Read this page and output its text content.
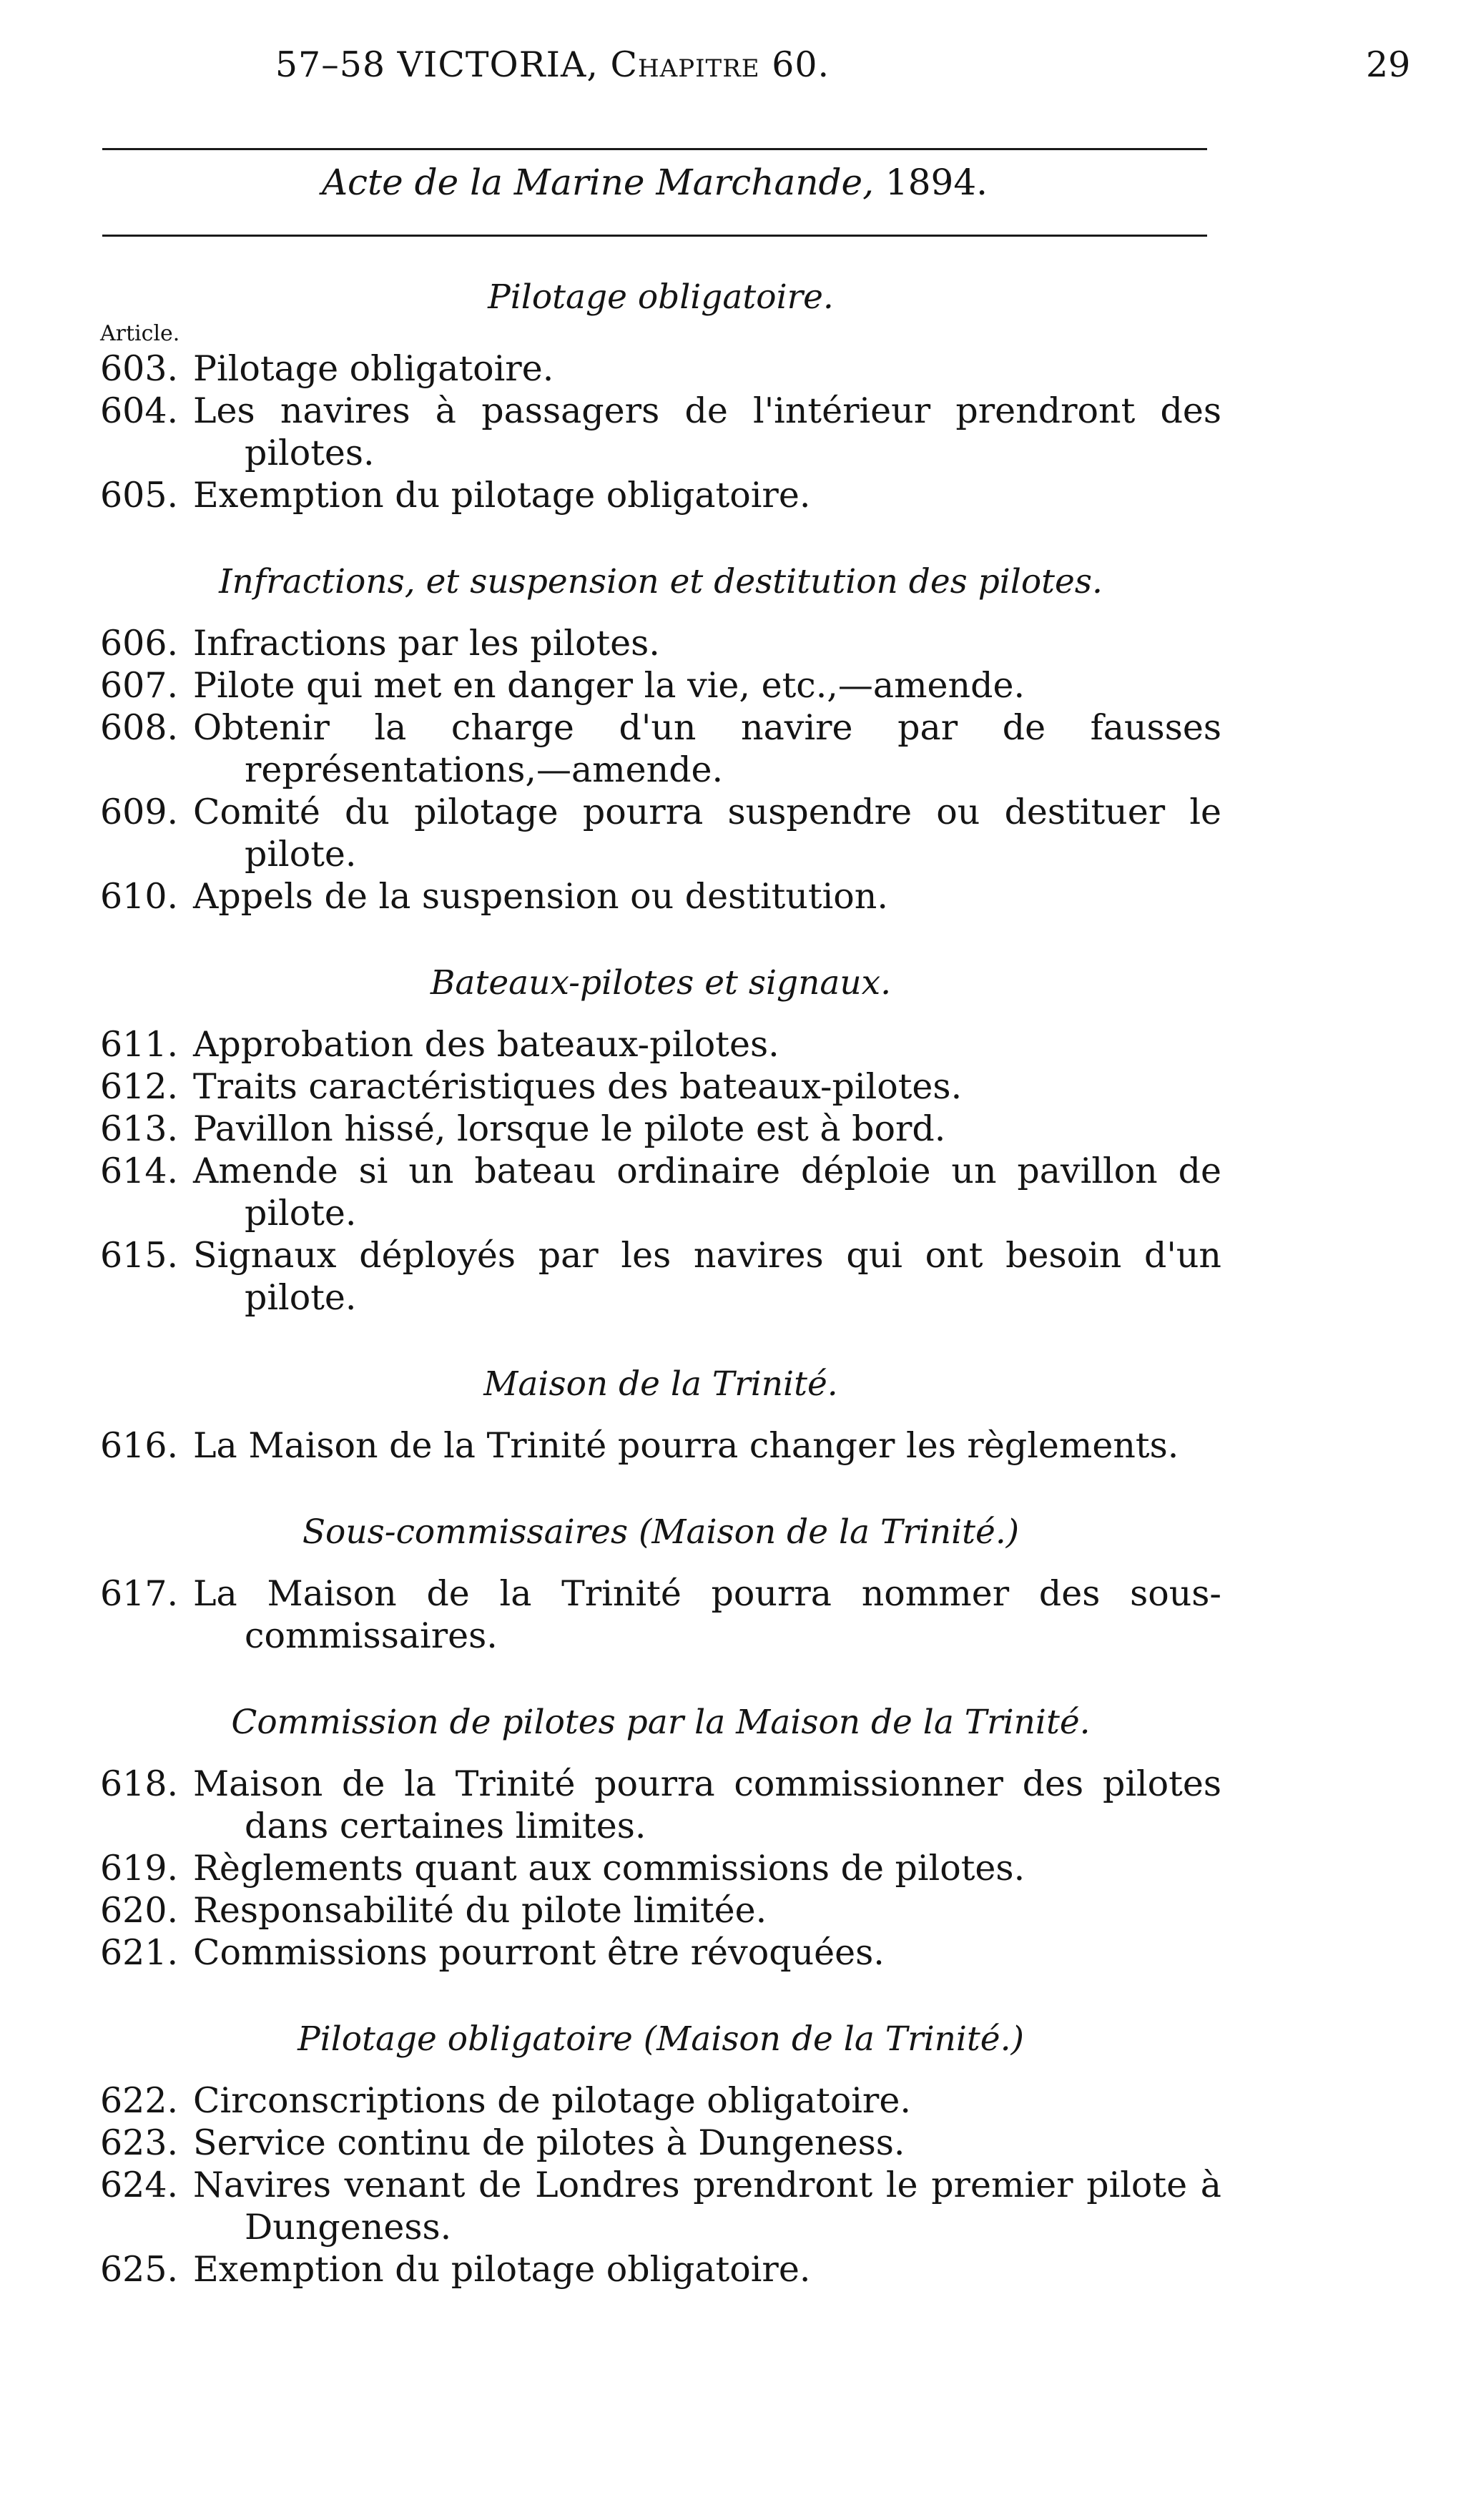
57–58 VICTORIA, Chapitre 60.	29
Acte de la Marine Marchande, 1894.
Pilotage obligatoire.
Article.
603. Pilotage obligatoire.
604. Les navires à passagers de l'intérieur prendront des pilotes.
605. Exemption du pilotage obligatoire.
Infractions, et suspension et destitution des pilotes.
606. Infractions par les pilotes.
607. Pilote qui met en danger la vie, etc.,—amende.
608. Obtenir la charge d'un navire par de fausses représentations,—amende.
609. Comité du pilotage pourra suspendre ou destituer le pilote.
610. Appels de la suspension ou destitution.
Bateaux-pilotes et signaux.
611. Approbation des bateaux-pilotes.
612. Traits caractéristiques des bateaux-pilotes.
613. Pavillon hissé, lorsque le pilote est à bord.
614. Amende si un bateau ordinaire déploie un pavillon de pilote.
615. Signaux déployés par les navires qui ont besoin d'un pilote.
Maison de la Trinité.
616. La Maison de la Trinité pourra changer les règlements.
Sous-commissaires (Maison de la Trinité.)
617. La Maison de la Trinité pourra nommer des sous-commissaires.
Commission de pilotes par la Maison de la Trinité.
618. Maison de la Trinité pourra commissionner des pilotes dans certaines limites.
619. Règlements quant aux commissions de pilotes.
620. Responsabilité du pilote limitée.
621. Commissions pourront être révoquées.
Pilotage obligatoire (Maison de la Trinité.)
622. Circonscriptions de pilotage obligatoire.
623. Service continu de pilotes à Dungeness.
624. Navires venant de Londres prendront le premier pilote à Dungeness.
625. Exemption du pilotage obligatoire.
